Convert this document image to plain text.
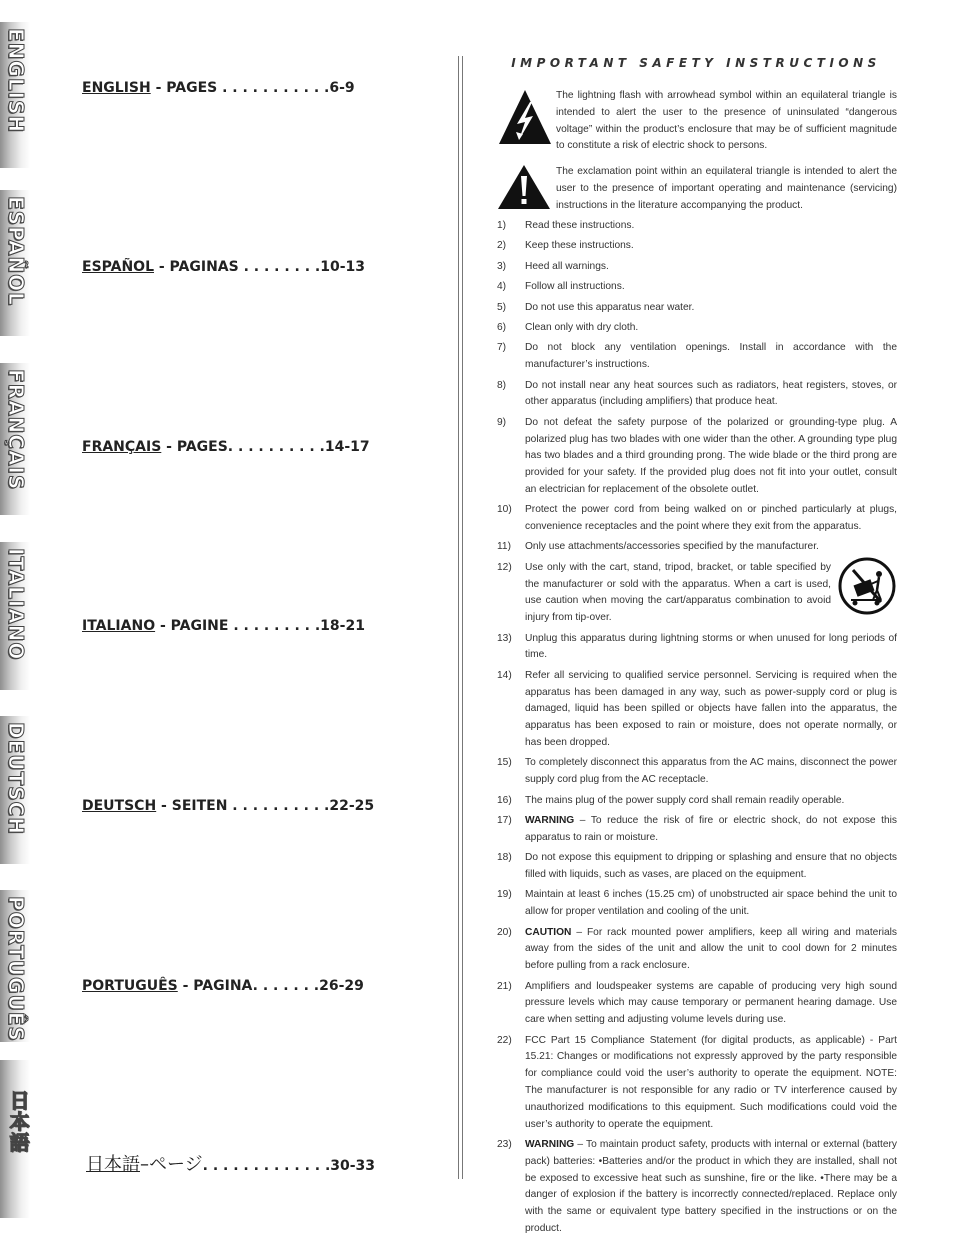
ENGLISH
ESPAÑOL
FRANÇAIS
ITALIANO
DEUTSCH
PORTUGUÊS
日本語
ENGLISH - PAGES . . . . . . . . . . .6-9
ESPAÑOL - PAGINAS . . . . . . . .10-13
FRANÇAIS - PAGES. . . . . . . . . .14-17
ITALIANO - PAGINE . . . . . . . . .18-21
DEUTSCH - SEITEN . . . . . . . . . .22-25
PORTUGUÊS - PAGINA. . . . . . .26-29
日本語–ページ. . . . . . . . . . . . .30-33
IMPORTANT SAFETY INSTRUCTIONS

The lightning flash with arrowhead symbol within an equilateral triangle is intended to alert the user to the presence of uninsulated “dangerous voltage” within the product’s enclosure that may be of sufficient magnitude to constitute a risk of electric shock to persons.

The exclamation point within an equilateral triangle is intended to alert the user to the presence of important operating and maintenance (servicing) instructions in the literature accompanying the product.

1)	Read these instructions.
2)	Keep these instructions.
3)	Heed all warnings.
4)	Follow all instructions.
5)	Do not use this apparatus near water.
6)	Clean only with dry cloth.
7)	Do not block any ventilation openings. Install in accordance with the manufacturer’s instructions.
8)	Do not install near any heat sources such as radiators, heat registers, stoves, or other apparatus (including amplifiers) that produce heat.
9)	Do not defeat the safety purpose of the polarized or grounding-type plug. A polarized plug has two blades with one wider than the other. A grounding type plug has two blades and a third grounding prong. The wide blade or the third prong are provided for your safety. If the provided plug does not fit into your outlet, consult an electrician for replacement of the obsolete outlet.
10)	Protect the power cord from being walked on or pinched particularly at plugs, convenience receptacles and the point where they exit from the apparatus.
11)	Only use attachments/accessories specified by the manufacturer.
12)	Use only with the cart, stand, tripod, bracket, or table specified by the manufacturer or sold with the apparatus. When a cart is used, use caution when moving the cart/apparatus combination to avoid injury from tip-over.
13)	Unplug this apparatus during lightning storms or when unused for long periods of time.
14)	Refer all servicing to qualified service personnel. Servicing is required when the apparatus has been damaged in any way, such as power-supply cord or plug is damaged, liquid has been spilled or objects have fallen into the apparatus, the apparatus has been exposed to rain or moisture, does not operate normally, or has been dropped.
15)	To completely disconnect this apparatus from the AC mains, disconnect the power supply cord plug from the AC receptacle.
16)	The mains plug of the power supply cord shall remain readily operable.
17)	WARNING – To reduce the risk of fire or electric shock, do not expose this apparatus to rain or moisture.
18)	Do not expose this equipment to dripping or splashing and ensure that no objects filled with liquids, such as vases, are placed on the equipment.
19)	Maintain at least 6 inches (15.25 cm) of unobstructed air space behind the unit to allow for proper ventilation and cooling of the unit.
20)	CAUTION – For rack mounted power amplifiers, keep all wiring and materials away from the sides of the unit and allow the unit to cool down for 2 minutes before pulling from a rack enclosure.
21)	Amplifiers and loudspeaker systems are capable of producing very high sound pressure levels which may cause temporary or permanent hearing damage. Use care when setting and adjusting volume levels during use.
22)	FCC Part 15 Compliance Statement (for digital products, as applicable) - Part 15.21: Changes or modifications not expressly approved by the party responsible for compliance could void the user’s authority to operate the equipment. NOTE: The manufacturer is not responsible for any radio or TV interference caused by unauthorized modifications to this equipment. Such modifications could void the user’s authority to operate the equipment.
23)	WARNING – To maintain product safety, products with internal or external (battery pack) batteries: •Batteries and/or the product in which they are installed, shall not be exposed to excessive heat such as sunshine, fire or the like. •There may be a danger of explosion if the battery is incorrectly connected/replaced. Replace only with the same or equivalent type battery specified in the instructions or on the product.
